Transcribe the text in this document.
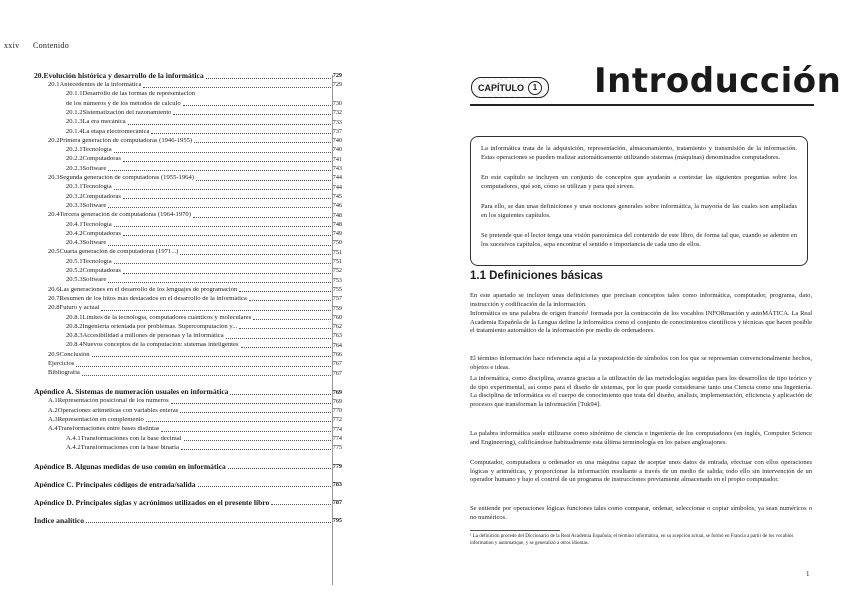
xxiv Contenido
20. Evolución histórica y desarrollo de la informática	729
20.1 Antecedentes de la informática	729
20.1.1 Desarrollo de las formas de representación
de los números y de los métodos de cálculo	730
20.1.2 Sistematización del razonamiento	732
20.1.3 La era mecánica	733
20.1.4 La etapa electromecánica	737
20.2 Primera generación de computadoras (1946-1955)	740
20.2.1 Tecnología	740
20.2.2 Computadoras	741
20.2.3 Software	743
20.3 Segunda generación de computadoras (1955-1964)	744
20.3.1 Tecnología	744
20.3.2 Computadoras	745
20.3.3 Software	746
20.4 Tercera generación de computadoras (1964-1970)	748
20.4.1 Tecnología	748
20.4.2 Computadoras	749
20.4.3 Software	750
20.5 Cuarta generación de computadoras (1971...)	751
20.5.1 Tecnología	751
20.5.2 Computadoras	752
20.5.3 Software	753
20.6 Las generaciones en el desarrollo de los lenguajes de programación	755
20.7 Resumen de los hitos más destacados en el desarrollo de la informática	757
20.8 Futuro y actual	759
20.8.1 Límites de la tecnología, computadores cuánticos y moleculares	760
20.8.2 Ingeniería orientada por problemas. Supercomputación y...	762
20.8.3 Accesibilidad a millones de personas y la informática	763
20.8.4 Nuevos conceptos de la computación: sistemas inteligentes	764
20.9 Conclusión	766
Ejercicios	767
Bibliografía	767
Apéndice A. Sistemas de numeración usuales en informática	769
A.1 Representación posicional de los números	769
A.2 Operaciones aritméticas con variables enteras	770
A.3 Representación en complemento	772
A.4 Transformaciones entre bases distintas	774
A.4.1 Transformaciones con la base decimal	774
A.4.2 Transformaciones con la base binaria	775
Apéndice B. Algunas medidas de uso común en informática	779
Apéndice C. Principales códigos de entrada/salida	783
Apéndice D. Principales siglas y acrónimos utilizados en el presente libro	787
Índice analítico	795
CAPÍTULO	1 Introducción

La informática trata de la adquisición, representación, almacenamiento, tratamiento y transmisión de la información. Estas operaciones se pueden realizar automáticamente utilizando sistemas (máquinas) denominados computadores.

En este capítulo se incluyen un conjunto de conceptos que ayudarán a contestar las siguientes preguntas sobre los computadores, qué son, cómo se utilizan y para qué sirven.

Para ello, se dan unas definiciones y unas nociones generales sobre informática, la mayoría de las cuales son ampliadas en los siguientes capítulos.

Se pretende que el lector tenga una visión panorámica del contenido de este libro, de forma tal que, cuando se adentre en los sucesivos capítulos, sepa encontrar el sentido e importancia de cada uno de ellos.

1.1 Definiciones básicas

En este apartado se incluyen unas definiciones que precisan conceptos tales como informática, computador, programa, dato, instrucción y codificación de la información.

Informática es una palabra de origen francés¹ formada por la contracción de los vocablos INFORmación y autoMÁTICA. La Real Academia Española de la Lengua define la informática como el conjunto de conocimientos científicos y técnicas que hacen posible el tratamiento automático de la información por medio de ordenadores.

El término información hace referencia aquí a la yuxtaposición de símbolos con los que se representan convencionalmente hechos, objetos e ideas.

La informática, como disciplina, avanza gracias a la utilización de las metodologías seguidas para los desarrollos de tipo teórico y de tipo experimental, así como para el diseño de sistemas, por lo que puede considerarse tanto una Ciencia como una Ingeniería. La disciplina de informática es el cuerpo de conocimiento que trata del diseño, análisis, implementación, eficiencia y aplicación de procesos que transforman la información [Tuk94].

La palabra informática suele utilizarse como sinónimo de ciencia e ingeniería de los computadores (en inglés, Computer Science and Engineering), calificándose habitualmente esta última terminología en los países anglosajones.

Computador, computadora u ordenador es una máquina capaz de aceptar unos datos de entrada, efectuar con ellos operaciones lógicas y aritméticas, y proporcionar la información resultante a través de un medio de salida; todo ello sin intervención de un operador humano y bajo el control de un programa de instrucciones previamente almacenado en el propio computador.

Se entiende por operaciones lógicas funciones tales como comparar, ordenar, seleccionar o copiar símbolos, ya sean numéricos o no numéricos.

¹ La definición procede del Diccionario de la Real Academia Española; el término informática, en su acepción actual, se formó en Francia a partir de los vocablos information y automatique, y se generalizó a otros idiomas.
1
